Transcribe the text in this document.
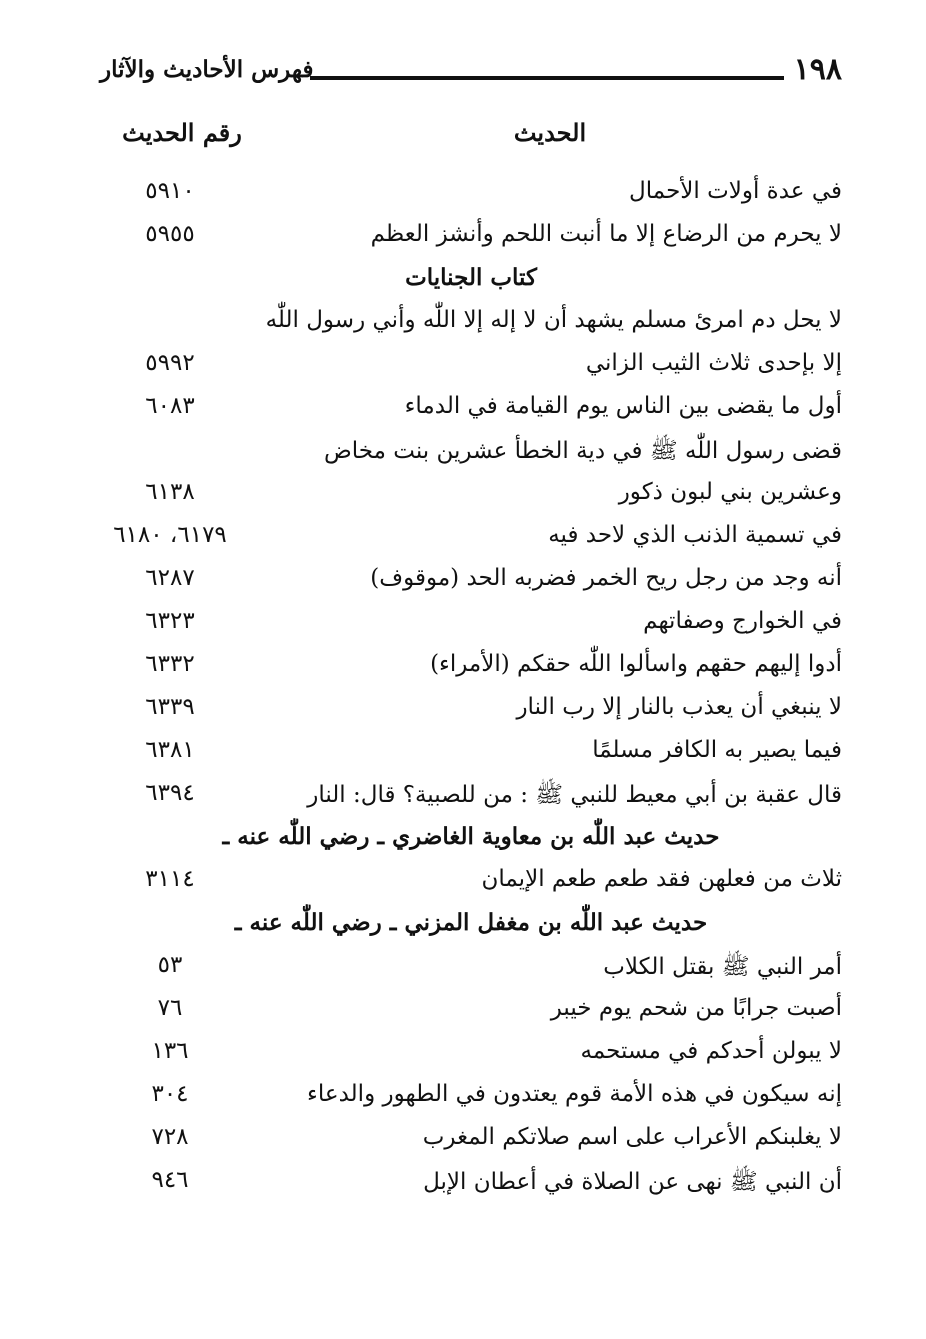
١٩٨
فهرس الأحاديث والآثار
الحديث
رقم الحديث
في عدة أولات الأحمال
٥٩١٠
لا يحرم من الرضاع إلا ما أنبت اللحم وأنشز العظم
٥٩٥٥
كتاب الجنايات
لا يحل دم امرئ مسلم يشهد أن لا إله إلا اللّٰه وأني رسول اللّٰه
إلا بإحدى ثلاث الثيب الزاني
٥٩٩٢
أول ما يقضى بين الناس يوم القيامة في الدماء
٦٠٨٣
قضى رسول اللّٰه ﷺ في دية الخطأ عشرين بنت مخاض
وعشرين بني لبون ذكور
٦١٣٨
في تسمية الذنب الذي لاحد فيه
٦١٧٩، ٦١٨٠
أنه وجد من رجل ريح الخمر فضربه الحد (موقوف)
٦٢٨٧
في الخوارج وصفاتهم
٦٣٢٣
أدوا إليهم حقهم واسألوا اللّٰه حقكم (الأمراء)
٦٣٣٢
لا ينبغي أن يعذب بالنار إلا رب النار
٦٣٣٩
فيما يصير به الكافر مسلمًا
٦٣٨١
قال عقبة بن أبي معيط للنبي ﷺ : من للصبية؟ قال: النار
٦٣٩٤
حديث عبد اللّٰه بن معاوية الغاضري ـ رضي اللّٰه عنه ـ
ثلاث من فعلهن فقد طعم طعم الإيمان
٣١١٤
حديث عبد اللّٰه بن مغفل المزني ـ رضي اللّٰه عنه ـ
أمر النبي ﷺ بقتل الكلاب
٥٣
أصبت جرابًا من شحم يوم خيبر
٧٦
لا يبولن أحدكم في مستحمه
١٣٦
إنه سيكون في هذه الأمة قوم يعتدون في الطهور والدعاء
٣٠٤
لا يغلبنكم الأعراب على اسم صلاتكم المغرب
٧٢٨
أن النبي ﷺ نهى عن الصلاة في أعطان الإبل
٩٤٦
